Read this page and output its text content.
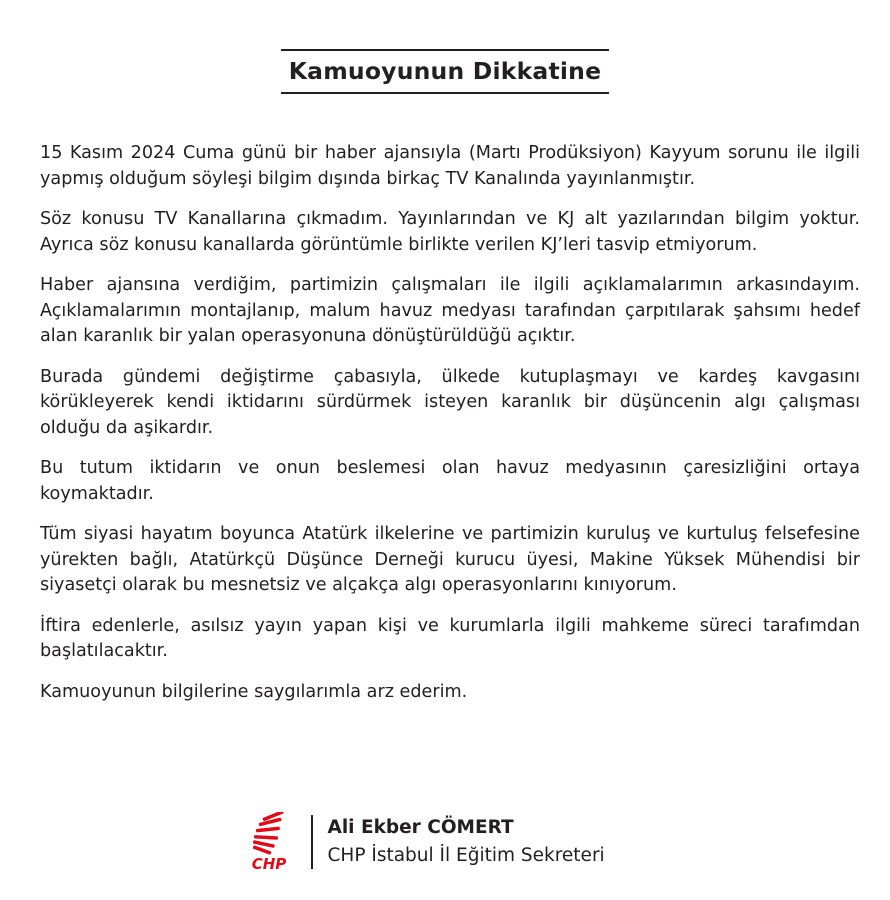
Kamuoyunun Dikkatine

15 Kasım 2024 Cuma günü bir haber ajansıyla (Martı Prodüksiyon) Kayyum sorunu ile ilgili yapmış olduğum söyleşi bilgim dışında birkaç TV Kanalında yayınlanmıştır.

Söz konusu TV Kanallarına çıkmadım. Yayınlarından ve KJ alt yazılarından bilgim yoktur. Ayrıca söz konusu kanallarda görüntümle birlikte verilen KJ’leri tasvip etmiyorum.

Haber ajansına verdiğim, partimizin çalışmaları ile ilgili açıklamalarımın arkasındayım. Açıklamalarımın montajlanıp, malum havuz medyası tarafından çarpıtılarak şahsımı hedef alan karanlık bir yalan operasyonuna dönüştürüldüğü açıktır.

Burada gündemi değiştirme çabasıyla, ülkede kutuplaşmayı ve kardeş kavgasını körükleyerek kendi iktidarını sürdürmek isteyen karanlık bir düşüncenin algı çalışması olduğu da aşikardır.

Bu tutum iktidarın ve onun beslemesi olan havuz medyasının çaresizliğini ortaya koymaktadır.

Tüm siyasi hayatım boyunca Atatürk ilkelerine ve partimizin kuruluş ve kurtuluş felsefesine yürekten bağlı, Atatürkçü Düşünce Derneği kurucu üyesi, Makine Yüksek Mühendisi bir siyasetçi olarak bu mesnetsiz ve alçakça algı operasyonlarını kınıyorum.

İftira edenlerle, asılsız yayın yapan kişi ve kurumlarla ilgili mahkeme süreci tarafımdan başlatılacaktır.

Kamuoyunun bilgilerine saygılarımla arz ederim.

CHP
Ali Ekber CÖMERT
CHP İstabul İl Eğitim Sekreteri
